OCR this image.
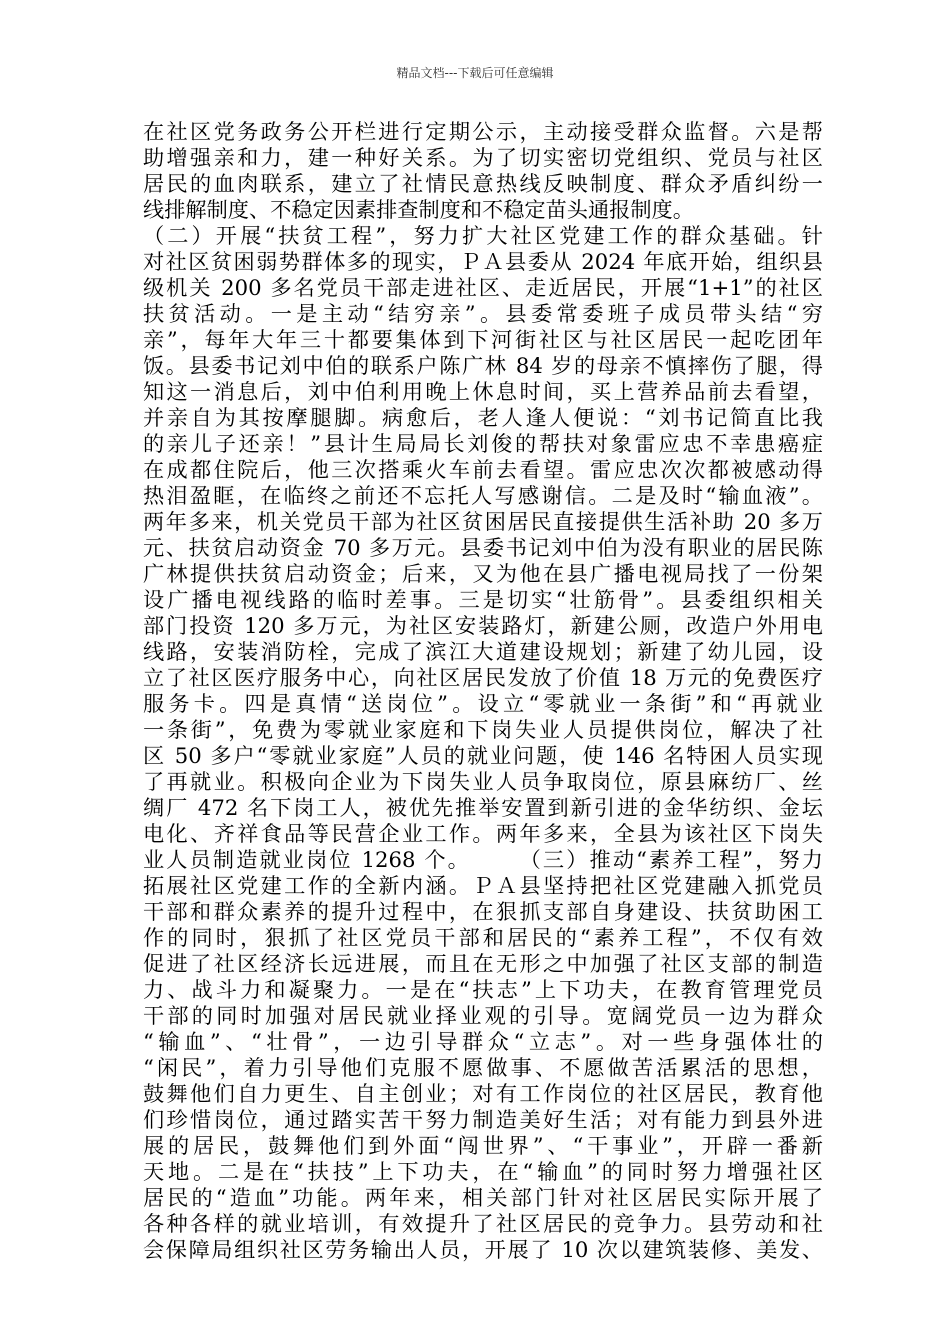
精品文档---下载后可任意编辑
在社区党务政务公开栏进行定期公示，主动接受群众监督。六是帮
助增强亲和力，建一种好关系。为了切实密切党组织、党员与社区
居民的血肉联系，建立了社情民意热线反映制度、群众矛盾纠纷一
线排解制度、不稳定因素排查制度和不稳定苗头通报制度。
（二）开展“扶贫工程”，努力扩大社区党建工作的群众基础。针
对社区贫困弱势群体多的现实，ＰＡ县委从 2024 年底开始，组织县
级机关 200 多名党员干部走进社区、走近居民，开展“1+1”的社区
扶贫活动。一是主动“结穷亲”。县委常委班子成员带头结“穷
亲”，每年大年三十都要集体到下河街社区与社区居民一起吃团年
饭。县委书记刘中伯的联系户陈广林 84 岁的母亲不慎摔伤了腿，得
知这一消息后，刘中伯利用晚上休息时间，买上营养品前去看望，
并亲自为其按摩腿脚。病愈后，老人逢人便说：“刘书记简直比我
的亲儿子还亲！”县计生局局长刘俊的帮扶对象雷应忠不幸患癌症
在成都住院后，他三次搭乘火车前去看望。雷应忠次次都被感动得
热泪盈眶，在临终之前还不忘托人写感谢信。二是及时“输血液”。
两年多来，机关党员干部为社区贫困居民直接提供生活补助 20 多万
元、扶贫启动资金 70 多万元。县委书记刘中伯为没有职业的居民陈
广林提供扶贫启动资金；后来，又为他在县广播电视局找了一份架
设广播电视线路的临时差事。三是切实“壮筋骨”。县委组织相关
部门投资 120 多万元，为社区安装路灯，新建公厕，改造户外用电
线路，安装消防栓，完成了滨江大道建设规划；新建了幼儿园，设
立了社区医疗服务中心，向社区居民发放了价值 18 万元的免费医疗
服务卡。四是真情“送岗位”。设立“零就业一条街”和“再就业
一条街”，免费为零就业家庭和下岗失业人员提供岗位，解决了社
区 50 多户“零就业家庭”人员的就业问题，使 146 名特困人员实现
了再就业。积极向企业为下岗失业人员争取岗位，原县麻纺厂、丝
绸厂 472 名下岗工人，被优先推举安置到新引进的金华纺织、金坛
电化、齐祥食品等民营企业工作。两年多来，全县为该社区下岗失
业人员制造就业岗位 1268 个。　　　（三）推动“素养工程”，努力
拓展社区党建工作的全新内涵。ＰＡ县坚持把社区党建融入抓党员
干部和群众素养的提升过程中，在狠抓支部自身建设、扶贫助困工
作的同时，狠抓了社区党员干部和居民的“素养工程”，不仅有效
促进了社区经济长远进展，而且在无形之中加强了社区支部的制造
力、战斗力和凝聚力。一是在“扶志”上下功夫，在教育管理党员
干部的同时加强对居民就业择业观的引导。宽阔党员一边为群众
“输血”、“壮骨”，一边引导群众“立志”。对一些身强体壮的
“闲民”，着力引导他们克服不愿做事、不愿做苦活累活的思想，
鼓舞他们自力更生、自主创业；对有工作岗位的社区居民，教育他
们珍惜岗位，通过踏实苦干努力制造美好生活；对有能力到县外进
展的居民，鼓舞他们到外面“闯世界”、“干事业”，开辟一番新
天地。二是在“扶技”上下功夫，在“输血”的同时努力增强社区
居民的“造血”功能。两年来，相关部门针对社区居民实际开展了
各种各样的就业培训，有效提升了社区居民的竞争力。县劳动和社
会保障局组织社区劳务输出人员，开展了 10 次以建筑装修、美发、
